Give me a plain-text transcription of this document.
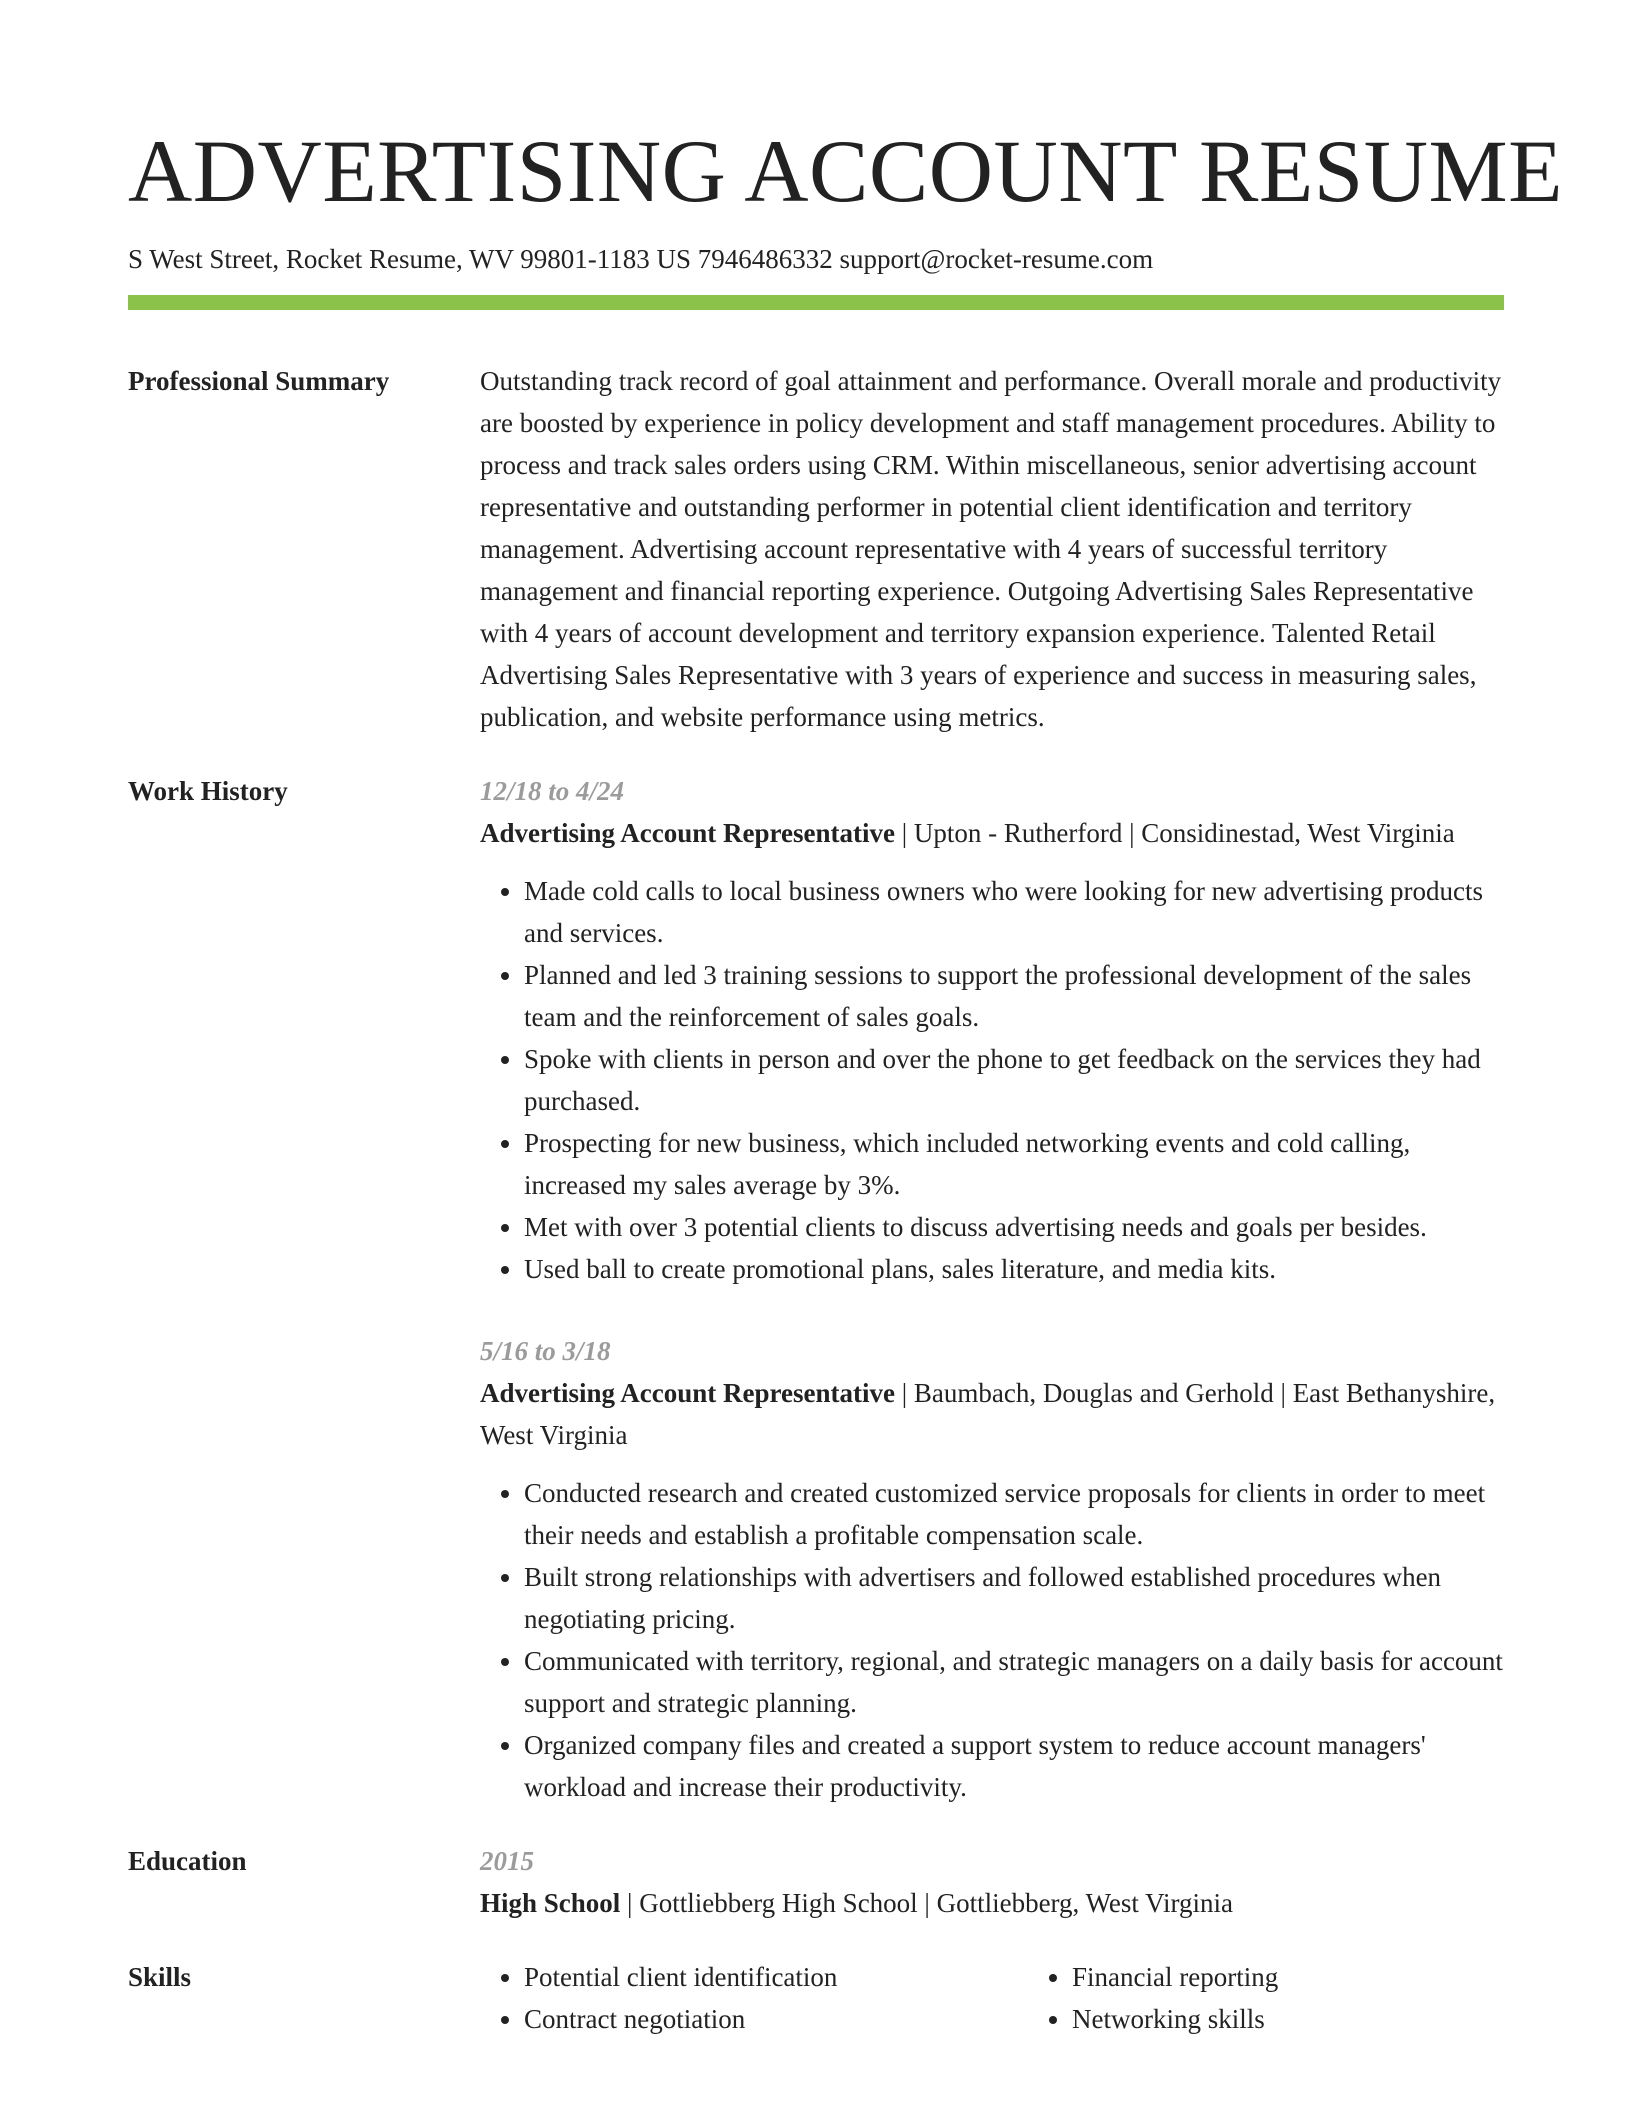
ADVERTISING ACCOUNT RESUME
S West Street, Rocket Resume, WV 99801-1183 US 7946486332 support@rocket-resume.com
Professional Summary	Outstanding track record of goal attainment and performance. Overall morale and productivity are boosted by experience in policy development and staff management procedures. Ability to process and track sales orders using CRM. Within miscellaneous, senior advertising account representative and outstanding performer in potential client identification and territory management. Advertising account representative with 4 years of successful territory management and financial reporting experience. Outgoing Advertising Sales Representative with 4 years of account development and territory expansion experience. Talented Retail Advertising Sales Representative with 3 years of experience and success in measuring sales, publication, and website performance using metrics.
Work History	12/18 to 4/24
Advertising Account Representative | Upton - Rutherford | Considinestad, West Virginia
• Made cold calls to local business owners who were looking for new advertising products and services.
• Planned and led 3 training sessions to support the professional development of the sales team and the reinforcement of sales goals.
• Spoke with clients in person and over the phone to get feedback on the services they had purchased.
• Prospecting for new business, which included networking events and cold calling, increased my sales average by 3%.
• Met with over 3 potential clients to discuss advertising needs and goals per besides.
• Used ball to create promotional plans, sales literature, and media kits.
5/16 to 3/18
Advertising Account Representative | Baumbach, Douglas and Gerhold | East Bethanyshire, West Virginia
• Conducted research and created customized service proposals for clients in order to meet their needs and establish a profitable compensation scale.
• Built strong relationships with advertisers and followed established procedures when negotiating pricing.
• Communicated with territory, regional, and strategic managers on a daily basis for account support and strategic planning.
• Organized company files and created a support system to reduce account managers' workload and increase their productivity.
Education	2015
High School | Gottliebberg High School | Gottliebberg, West Virginia
Skills
•	Potential client identification
• Contract negotiation
• Financial reporting
• Networking skills
